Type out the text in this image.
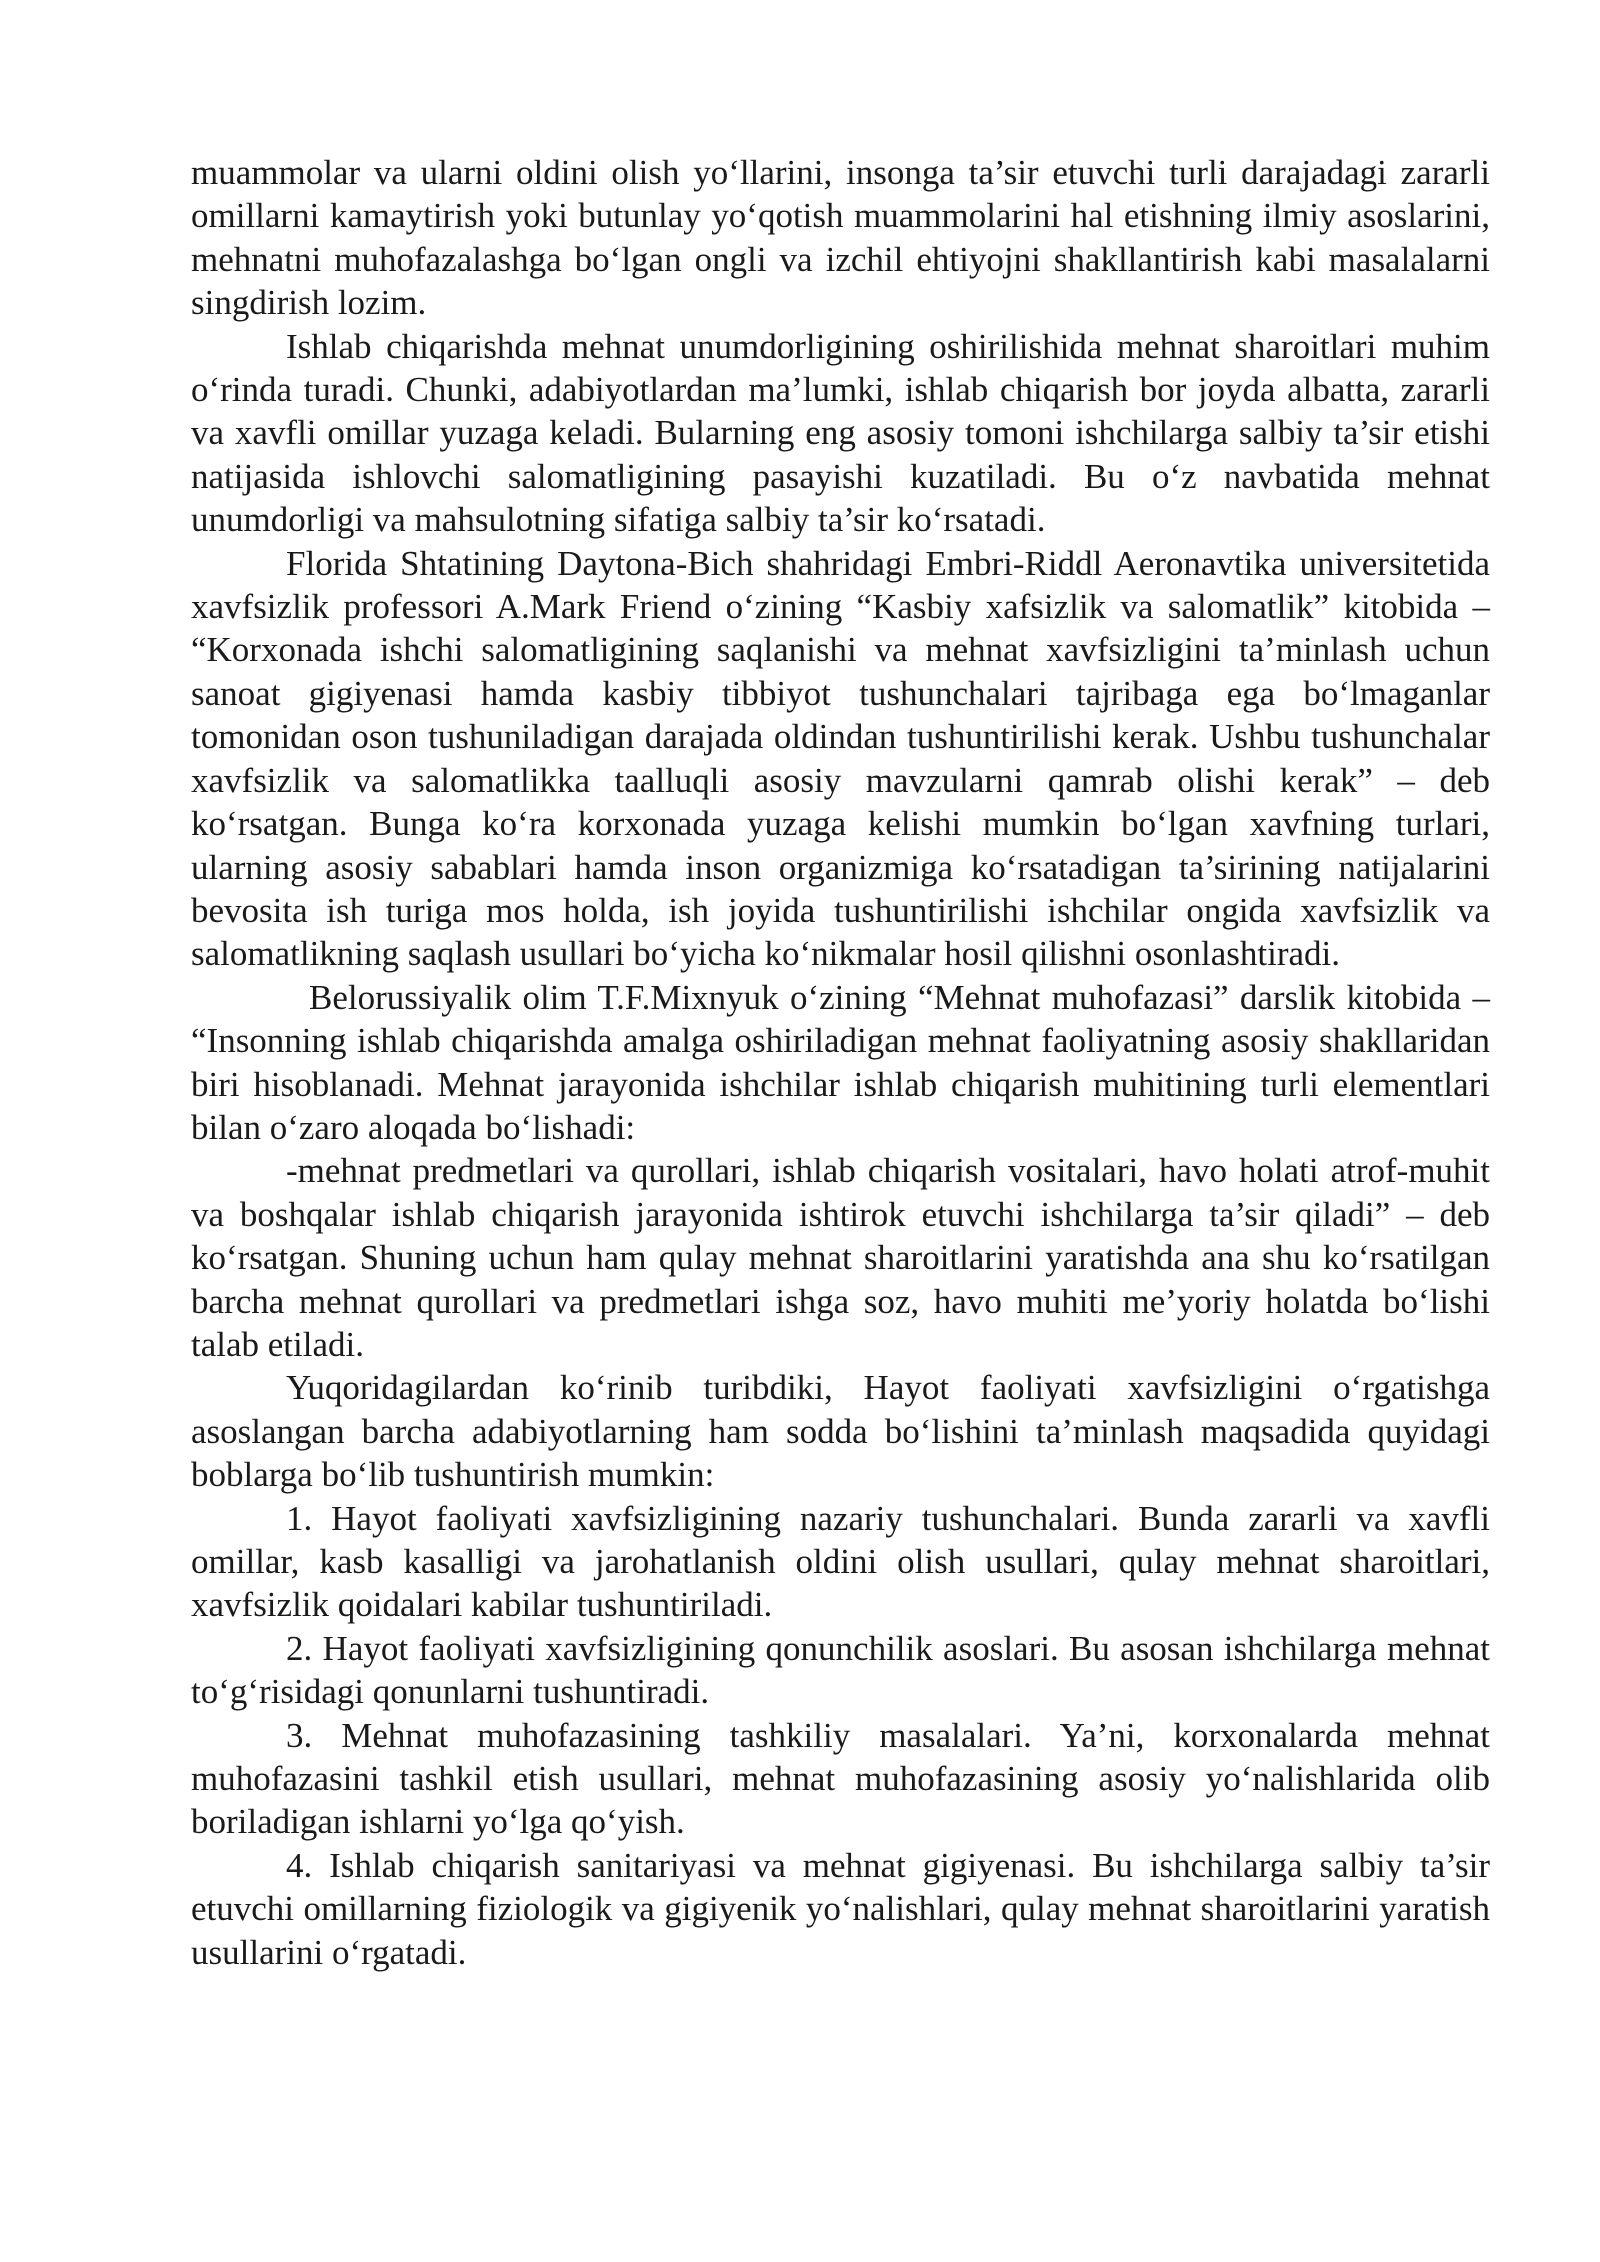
muammolar va ularni oldini olish yo‘llarini, insonga ta’sir etuvchi turli darajadagi zararli omillarni kamaytirish yoki butunlay yo‘qotish muammolarini hal etishning ilmiy asoslarini, mehnatni muhofazalashga bo‘lgan ongli va izchil ehtiyojni shakllantirish kabi masalalarni singdirish lozim.

Ishlab chiqarishda mehnat unumdorligining oshirilishida mehnat sharoitlari muhim o‘rinda turadi. Chunki, adabiyotlardan ma’lumki, ishlab chiqarish bor joyda albatta, zararli va xavfli omillar yuzaga keladi. Bularning eng asosiy tomoni ishchilarga salbiy ta’sir etishi natijasida ishlovchi salomatligining pasayishi kuzatiladi. Bu o‘z navbatida mehnat unumdorligi va mahsulotning sifatiga salbiy ta’sir ko‘rsatadi.

Florida Shtatining Daytona-Bich shahridagi Embri-Riddl Aeronavtika universitetida xavfsizlik professori A.Mark Friend o‘zining “Kasbiy xafsizlik va salomatlik” kitobida – “Korxonada ishchi salomatligining saqlanishi va mehnat xavfsizligini ta’minlash uchun sanoat gigiyenasi hamda kasbiy tibbiyot tushunchalari tajribaga ega bo‘lmaganlar tomonidan oson tushuniladigan darajada oldindan tushuntirilishi kerak. Ushbu tushunchalar xavfsizlik va salomatlikka taalluqli asosiy mavzularni qamrab olishi kerak” – deb ko‘rsatgan. Bunga ko‘ra korxonada yuzaga kelishi mumkin bo‘lgan xavfning turlari, ularning asosiy sabablari hamda inson organizmiga ko‘rsatadigan ta’sirining natijalarini bevosita ish turiga mos holda, ish joyida tushuntirilishi ishchilar ongida xavfsizlik va salomatlikning saqlash usullari bo‘yicha ko‘nikmalar hosil qilishni osonlashtiradi.

Belorussiyalik olim T.F.Mixnyuk o‘zining “Mehnat muhofazasi” darslik kitobida – “Insonning ishlab chiqarishda amalga oshiriladigan mehnat faoliyatning asosiy shakllaridan biri hisoblanadi. Mehnat jarayonida ishchilar ishlab chiqarish muhitining turli elementlari bilan o‘zaro aloqada bo‘lishadi:

-mehnat predmetlari va qurollari, ishlab chiqarish vositalari, havo holati atrof-muhit va boshqalar ishlab chiqarish jarayonida ishtirok etuvchi ishchilarga ta’sir qiladi” – deb ko‘rsatgan. Shuning uchun ham qulay mehnat sharoitlarini yaratishda ana shu ko‘rsatilgan barcha mehnat qurollari va predmetlari ishga soz, havo muhiti me’yoriy holatda bo‘lishi talab etiladi.

Yuqoridagilardan ko‘rinib turibdiki, Hayot faoliyati xavfsizligini o‘rgatishga asoslangan barcha adabiyotlarning ham sodda bo‘lishini ta’minlash maqsadida quyidagi boblarga bo‘lib tushuntirish mumkin:

1. Hayot faoliyati xavfsizligining nazariy tushunchalari. Bunda zararli va xavfli omillar, kasb kasalligi va jarohatlanish oldini olish usullari, qulay mehnat sharoitlari, xavfsizlik qoidalari kabilar tushuntiriladi.

2. Hayot faoliyati xavfsizligining qonunchilik asoslari. Bu asosan ishchilarga mehnat to‘g‘risidagi qonunlarni tushuntiradi.

3. Mehnat muhofazasining tashkiliy masalalari. Ya’ni, korxonalarda mehnat muhofazasini tashkil etish usullari, mehnat muhofazasining asosiy yo‘nalishlarida olib boriladigan ishlarni yo‘lga qo‘yish.

4. Ishlab chiqarish sanitariyasi va mehnat gigiyenasi. Bu ishchilarga salbiy ta’sir etuvchi omillarning fiziologik va gigiyenik yo‘nalishlari, qulay mehnat sharoitlarini yaratish usullarini o‘rgatadi.
